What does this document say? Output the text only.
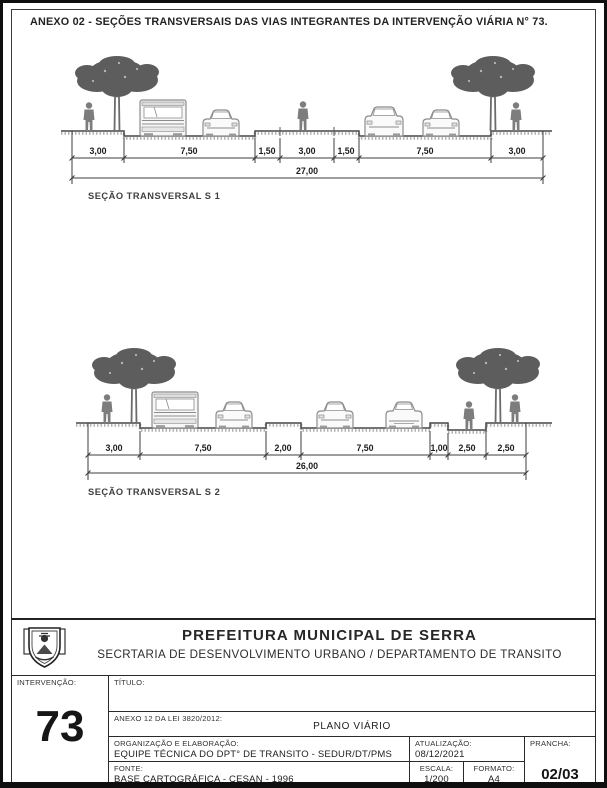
3,00	7,50	1,50	3,00 1,50	7,50	3,00
27,00
SEÇÃO TRANSVERSAL S 1
3,00	7,50	2,00	7,50	1,00 2,50 2,50
26,00
SEÇÃO TRANSVERSAL S 2
ANEXO 02 - SEÇÕES TRANSVERSAIS DAS VIAS INTEGRANTES DA INTERVENÇÃO VIÁRIA N° 73.
PREFEITURA MUNICIPAL DE SERRA
SECRTARIA DE DESENVOLVIMENTO URBANO / DEPARTAMENTO DE TRANSITO
INTERVENÇÃO:
73
TÍTULO:
ANEXO 12 DA LEI 3820/2012:
PLANO VIÁRIO
ORGANIZAÇÃO E ELABORAÇÃO:
EQUIPE TÉCNICA DO DPT° DE TRANSITO - SEDUR/DT/PMS
ATUALIZAÇÃO:
08/12/2021
PRANCHA:
02/03
FONTE:
BASE CARTOGRÁFICA - CESAN - 1996
ESCALA:
1/200
FORMATO:
A4
